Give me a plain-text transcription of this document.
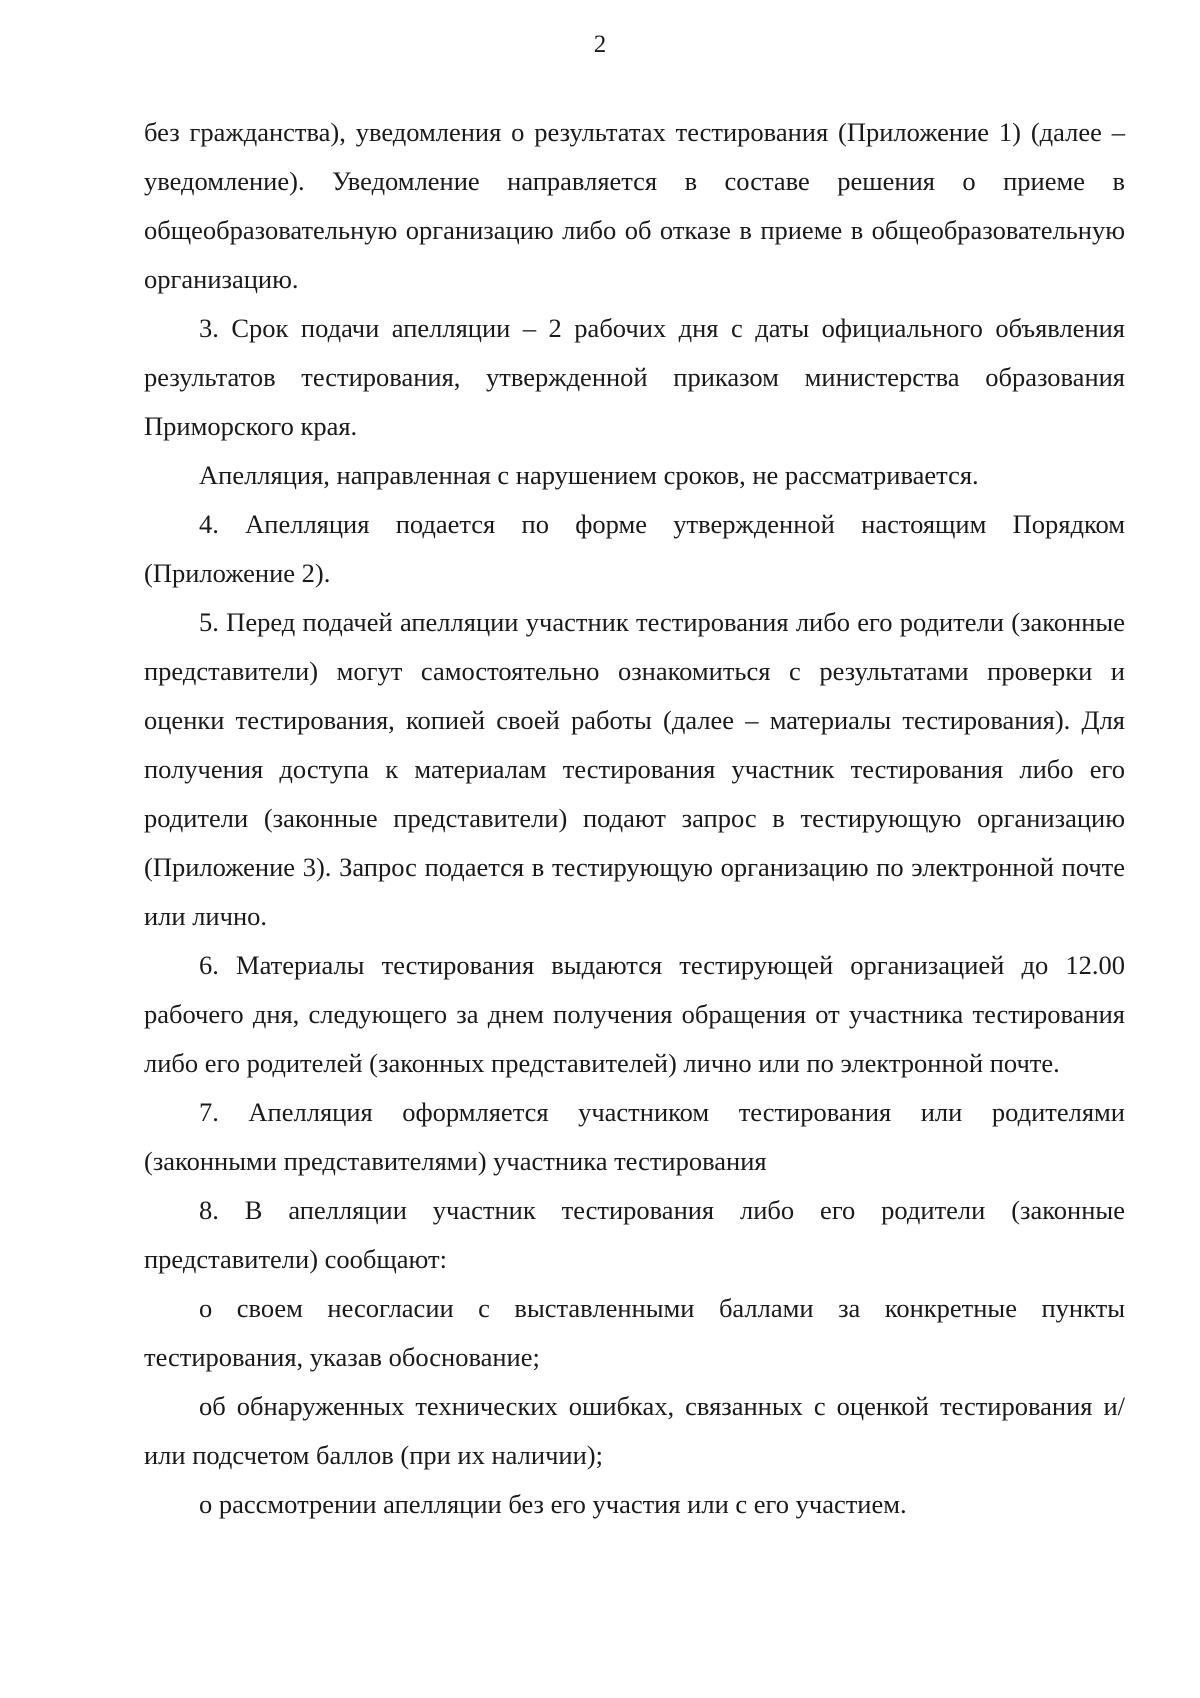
2

без гражданства), уведомления о результатах тестирования (Приложение 1) (далее – уведомление). Уведомление направляется в составе решения о приеме в общеобразовательную организацию либо об отказе в приеме в общеобразовательную организацию.

3. Срок подачи апелляции – 2 рабочих дня с даты официального объявления результатов тестирования, утвержденной приказом министерства образования Приморского края.

Апелляция, направленная с нарушением сроков, не рассматривается.

4. Апелляция подается по форме утвержденной настоящим Порядком (Приложение 2).

5. Перед подачей апелляции участник тестирования либо его родители (законные представители) могут самостоятельно ознакомиться с результатами проверки и оценки тестирования, копией своей работы (далее – материалы тестирования). Для получения доступа к материалам тестирования участник тестирования либо его родители (законные представители) подают запрос в тестирующую организацию (Приложение 3). Запрос подается в тестирующую организацию по электронной почте или лично.

6. Материалы тестирования выдаются тестирующей организацией до 12.00 рабочего дня, следующего за днем получения обращения от участника тестирования либо его родителей (законных представителей) лично или по электронной почте.

7. Апелляция оформляется участником тестирования или родителями (законными представителями) участника тестирования

8. В апелляции участник тестирования либо его родители (законные представители) сообщают:

о своем несогласии с выставленными баллами за конкретные пункты тестирования, указав обоснование;

об обнаруженных технических ошибках, связанных с оценкой тестирования и/или подсчетом баллов (при их наличии);

о рассмотрении апелляции без его участия или с его участием.
